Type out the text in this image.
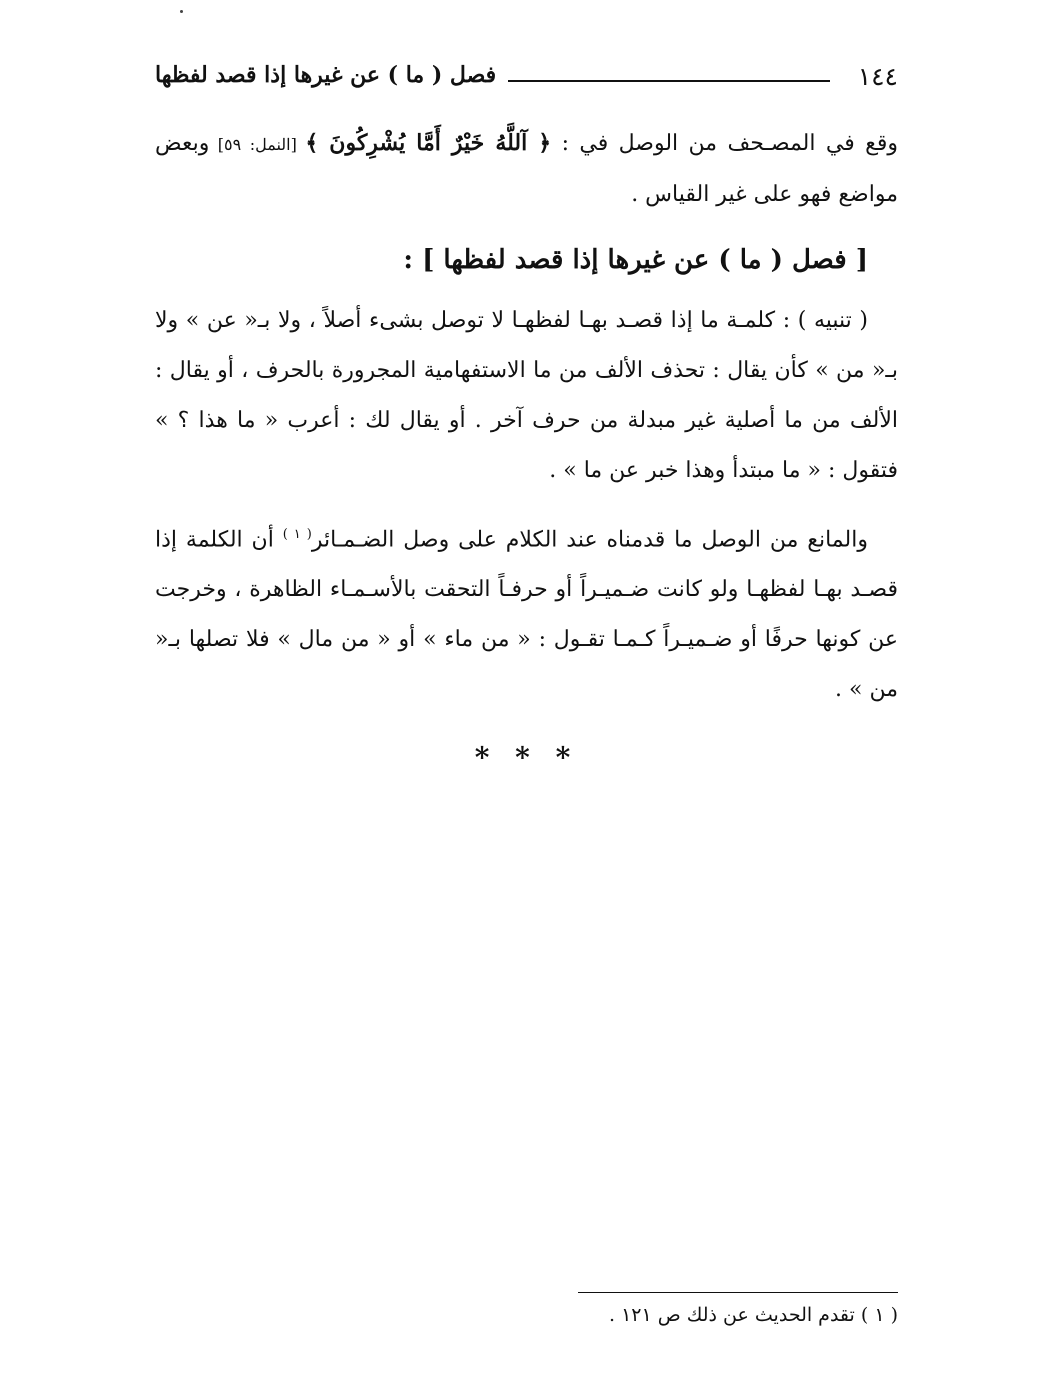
١٤٤
فصل ( ما ) عن غيرها إذا قصد لفظها

وقع في المصـحف من الوصل في : ﴿ آللَّهُ خَيْرٌ أَمَّا يُشْرِكُونَ ﴾ [النمل: ٥٩] وبعض مواضع فهو على غير القياس .

[ فصل ( ما ) عن غيرها إذا قصد لفظها ] :

( تنبيه ) : كلمـة ما إذا قصـد بهـا لفظهـا لا توصل بشىء أصلاً ، ولا بـ« عن » ولا بـ« من » كأن يقال : تحذف الألف من ما الاستفهامية المجرورة بالحرف ، أو يقال : الألف من ما أصلية غير مبدلة من حرف آخر . أو يقال لك : أعرب « ما هذا ؟ » فتقول : « ما مبتدأ وهذا خبر عن ما » .

والمانع من الوصل ما قدمناه عند الكلام على وصل الضـمـائر$^{( ١ )}$ أن الكلمة إذا قصـد بهـا لفظهـا ولو كانت ضـميـراً أو حرفـاً التحقت بالأسـمـاء الظاهرة ، وخرجت عن كونها حرفًا أو ضـميـراً كـمـا تقـول : « من ماء » أو « من مال » فلا تصلها بـ« من » .

* * *

( ١ ) تقدم الحديث عن ذلك ص ١٢١ .
